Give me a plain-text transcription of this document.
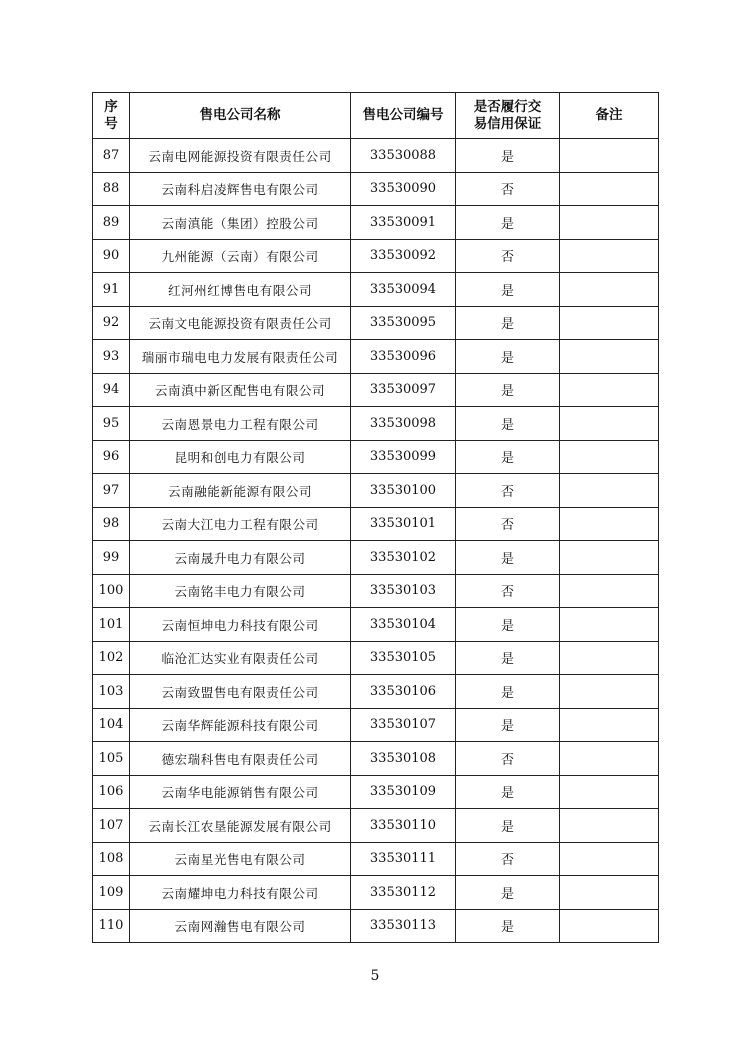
序号	售电公司名称	售电公司编号	是否履行交易信用保证	备注
87	云南电网能源投资有限责任公司	33530088	是	
88	云南科启凌辉售电有限公司	33530090	否	
89	云南滇能（集团）控股公司	33530091	是	
90	九州能源（云南）有限公司	33530092	否	
91	红河州红博售电有限公司	33530094	是	
92	云南文电能源投资有限责任公司	33530095	是	
93	瑞丽市瑞电电力发展有限责任公司	33530096	是	
94	云南滇中新区配售电有限公司	33530097	是	
95	云南恩景电力工程有限公司	33530098	是	
96	昆明和创电力有限公司	33530099	是	
97	云南融能新能源有限公司	33530100	否	
98	云南大江电力工程有限公司	33530101	否	
99	云南晟升电力有限公司	33530102	是	
100	云南铭丰电力有限公司	33530103	否	
101	云南恒坤电力科技有限公司	33530104	是	
102	临沧汇达实业有限责任公司	33530105	是	
103	云南致盟售电有限责任公司	33530106	是	
104	云南华辉能源科技有限公司	33530107	是	
105	德宏瑞科售电有限责任公司	33530108	否	
106	云南华电能源销售有限公司	33530109	是	
107	云南长江农垦能源发展有限公司	33530110	是	
108	云南星光售电有限公司	33530111	否	
109	云南耀坤电力科技有限公司	33530112	是	
110	云南网瀚售电有限公司	33530113	是	
5
